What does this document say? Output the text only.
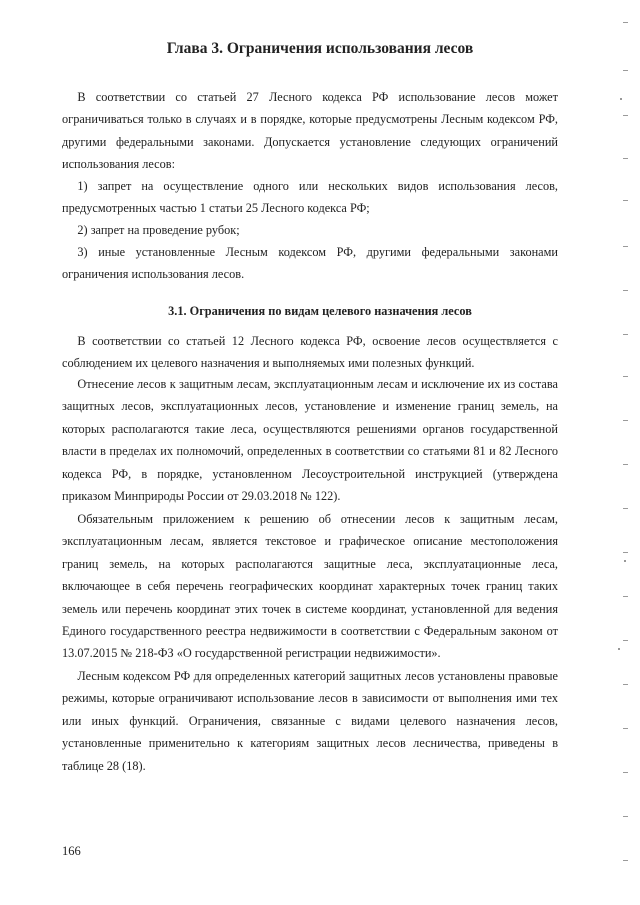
Глава 3. Ограничения использования лесов

В соответствии со статьей 27 Лесного кодекса РФ использование лесов может ограничиваться только в случаях и в порядке, которые предусмотрены Лесным кодексом РФ, другими федеральными законами. Допускается установление следующих ограничений использования лесов:

1) запрет на осуществление одного или нескольких видов использования лесов, предусмотренных частью 1 статьи 25 Лесного кодекса РФ;

2) запрет на проведение рубок;

3) иные установленные Лесным кодексом РФ, другими федеральными законами ограничения использования лесов.

3.1. Ограничения по видам целевого назначения лесов

В соответствии со статьей 12 Лесного кодекса РФ, освоение лесов осуществляется с соблюдением их целевого назначения и выполняемых ими полезных функций.

Отнесение лесов к защитным лесам, эксплуатационным лесам и исключение их из состава защитных лесов, эксплуатационных лесов, установление и изменение границ земель, на которых располагаются такие леса, осуществляются решениями органов государственной власти в пределах их полномочий, определенных в соответствии со статьями 81 и 82 Лесного кодекса РФ, в порядке, установленном Лесоустроительной инструкцией (утверждена приказом Минприроды России от 29.03.2018 № 122).

Обязательным приложением к решению об отнесении лесов к защитным лесам, эксплуатационным лесам, является текстовое и графическое описание местоположения границ земель, на которых располагаются защитные леса, эксплуатационные леса, включающее в себя перечень географических координат характерных точек границ таких земель или перечень координат этих точек в системе координат, установленной для ведения Единого государственного реестра недвижимости в соответствии с Федеральным законом от 13.07.2015 № 218-ФЗ «О государственной регистрации недвижимости».

Лесным кодексом РФ для определенных категорий защитных лесов установлены правовые режимы, которые ограничивают использование лесов в зависимости от выполнения ими тех или иных функций. Ограничения, связанные с видами целевого назначения лесов, установленные применительно к категориям защитных лесов лесничества, приведены в таблице 28 (18).

166
